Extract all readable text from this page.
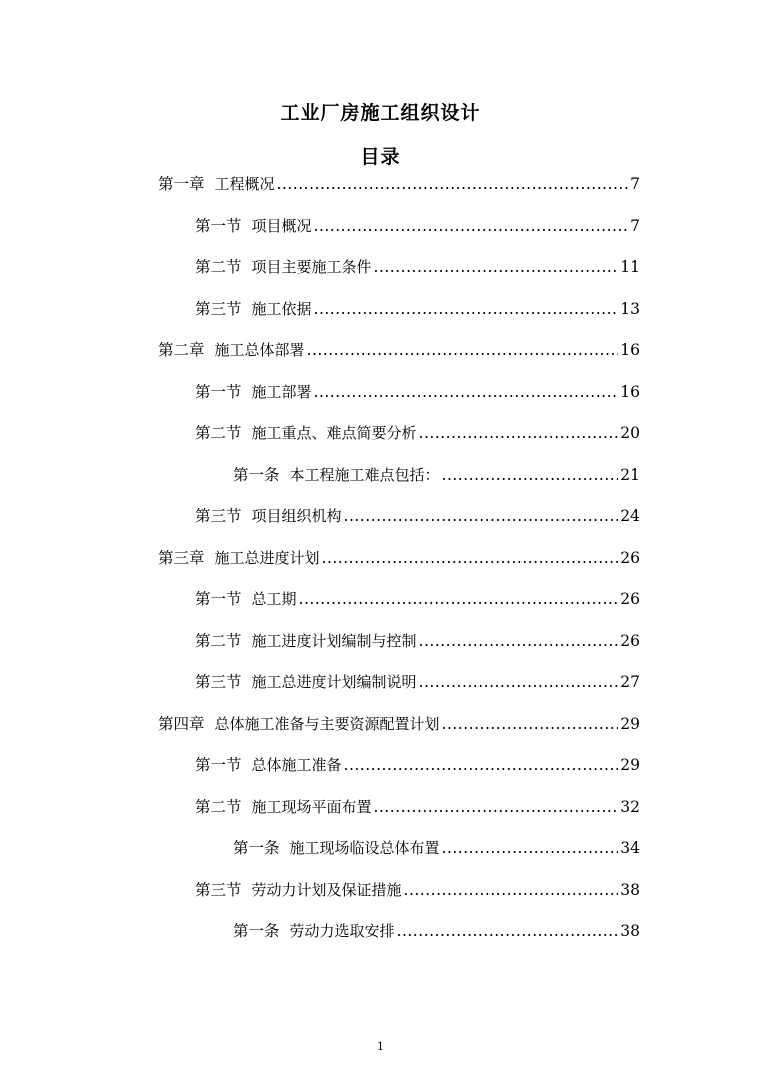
工业厂房施工组织设计
目录
第一章 工程概况 .....	7
第一节 项目概况 .....	7
第二节 项目主要施工条件 .....	11
第三节 施工依据 .....	13
第二章 施工总体部署 .....	16
第一节 施工部署 .....	16
第二节 施工重点、难点简要分析 .....	20
第一条 本工程施工难点包括： .....	21
第三节 项目组织机构 .....	24
第三章 施工总进度计划 .....	26
第一节 总工期 .....	26
第二节 施工进度计划编制与控制 .....	26
第三节 施工总进度计划编制说明 .....	27
第四章 总体施工准备与主要资源配置计划 .....	29
第一节 总体施工准备 .....	29
第二节 施工现场平面布置 .....	32
第一条 施工现场临设总体布置 .....	34
第三节 劳动力计划及保证措施 .....	38
第一条 劳动力选取安排 .....	38
1
